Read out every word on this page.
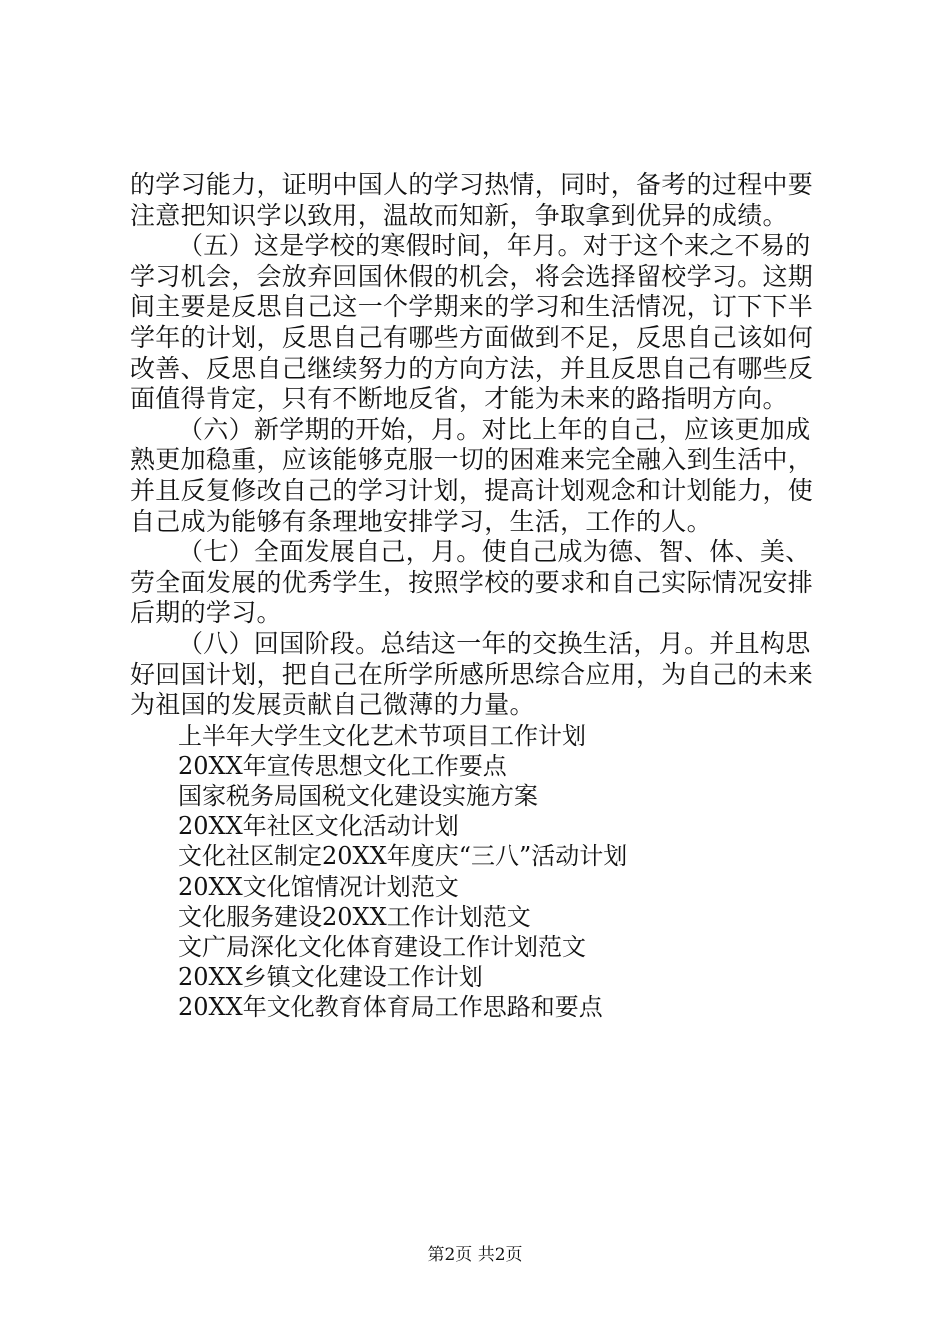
的学习能力，证明中国人的学习热情，同时，备考的过程中要
注意把知识学以致用，温故而知新，争取拿到优异的成绩。
（五）这是学校的寒假时间，年月。对于这个来之不易的
学习机会，会放弃回国休假的机会，将会选择留校学习。这期
间主要是反思自己这一个学期来的学习和生活情况，订下下半
学年的计划，反思自己有哪些方面做到不足，反思自己该如何
改善、反思自己继续努力的方向方法，并且反思自己有哪些反
面值得肯定，只有不断地反省，才能为未来的路指明方向。
（六）新学期的开始，月。对比上年的自己，应该更加成
熟更加稳重，应该能够克服一切的困难来完全融入到生活中，
并且反复修改自己的学习计划，提高计划观念和计划能力，使
自己成为能够有条理地安排学习，生活，工作的人。
（七）全面发展自己，月。使自己成为德、智、体、美、
劳全面发展的优秀学生，按照学校的要求和自己实际情况安排
后期的学习。
（八）回国阶段。总结这一年的交换生活，月。并且构思
好回国计划，把自己在所学所感所思综合应用，为自己的未来
为祖国的发展贡献自己微薄的力量。
上半年大学生文化艺术节项目工作计划
20XX年宣传思想文化工作要点
国家税务局国税文化建设实施方案
20XX年社区文化活动计划
文化社区制定20XX年度庆“三八”活动计划
20XX文化馆情况计划范文
文化服务建设20XX工作计划范文
文广局深化文化体育建设工作计划范文
20XX乡镇文化建设工作计划
20XX年文化教育体育局工作思路和要点
第2页 共2页
